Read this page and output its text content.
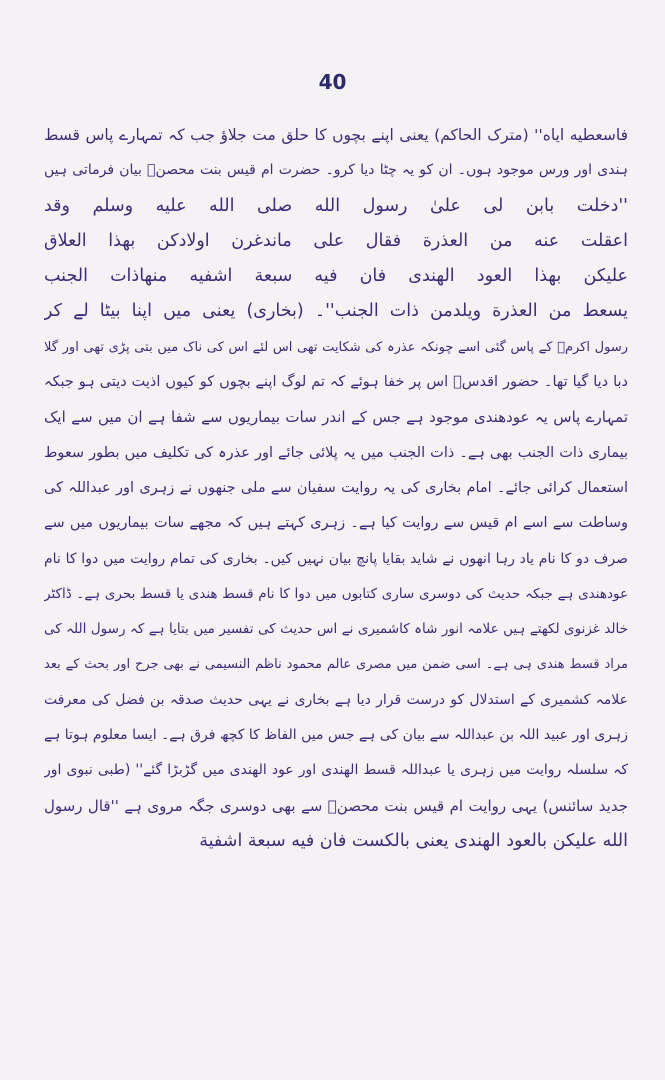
40
فاسعطيه اياه'' (مترک الحاکم) یعنی اپنے بچوں کا حلق مت جلاؤ جب کہ تمہارے پاس قسط
ہندی اور ورس موجود ہوں۔ ان کو یہ چٹا دیا کرو۔ حضرت ام قیس بنت محصنؓ بیان فرماتی ہیں
''دخلت بابن لی علیٰ رسول الله صلی الله علیه وسلم وقد
اعقلت عنه من العذرة فقال علی ماندغرن اولادکن بهذا العلاق
علیکن بهذا العود الهندی فان فیه سبعة اشفیه منهاذات الجنب
یسعط من العذرة ویلدمن ذات الجنب''۔ (بخاری) یعنی میں اپنا بیٹا لے کر
رسول اکرمؐ کے پاس گئی اسے چونکہ عذرہ کی شکایت تھی اس لئے اس کی ناک میں بتی پڑی تھی اور گلا
دبا دیا گیا تھا۔ حضور اقدسؐ اس پر خفا ہوئے کہ تم لوگ اپنے بچوں کو کیوں اذیت دیتی ہو جبکہ
تمہارے پاس یہ عودھندی موجود ہے جس کے اندر سات بیماریوں سے شفا ہے ان میں سے ایک
بیماری ذات الجنب بھی ہے۔ ذات الجنب میں یہ پلائی جائے اور عذرہ کی تکلیف میں بطور سعوط
استعمال کرائی جائے۔ امام بخاری کی یہ روایت سفیان سے ملی جنھوں نے زہری اور عبداللہ کی
وساطت سے اسے ام قیس سے روایت کیا ہے۔ زہری کہتے ہیں کہ مجھے سات بیماریوں میں سے
صرف دو کا نام یاد رہا انھوں نے شاید بقایا پانچ بیان نہیں کیں۔ بخاری کی تمام روایت میں دوا کا نام
عودھندی ہے جبکہ حدیث کی دوسری ساری کتابوں میں دوا کا نام قسط ھندی یا قسط بحری ہے۔ ڈاکٹر
خالد غزنوی لکھتے ہیں علامہ انور شاہ کاشمیری نے اس حدیث کی تفسیر میں بتایا ہے کہ رسول اللہ کی
مراد قسط ھندی ہی ہے۔ اسی ضمن میں مصری عالم محمود ناظم النسیمی نے بھی جرح اور بحث کے بعد
علامہ کشمیری کے استدلال کو درست قرار دیا ہے بخاری نے یہی حدیث صدقہ بن فضل کی معرفت
زہری اور عبید اللہ بن عبداللہ سے بیان کی ہے جس میں الفاظ کا کچھ فرق ہے۔ ایسا معلوم ہوتا ہے
کہ سلسلہ روایت میں زہری یا عبداللہ قسط الھندی اور عود الھندی میں گڑبڑا گئے'' (طبی نبوی اور
جدید سائنس) یہی روایت ام قیس بنت محصنؓ سے بھی دوسری جگہ مروی ہے ''قال رسول
الله علیکن بالعود الهندی یعنی بالکست فان فیه سبعة اشفیة
